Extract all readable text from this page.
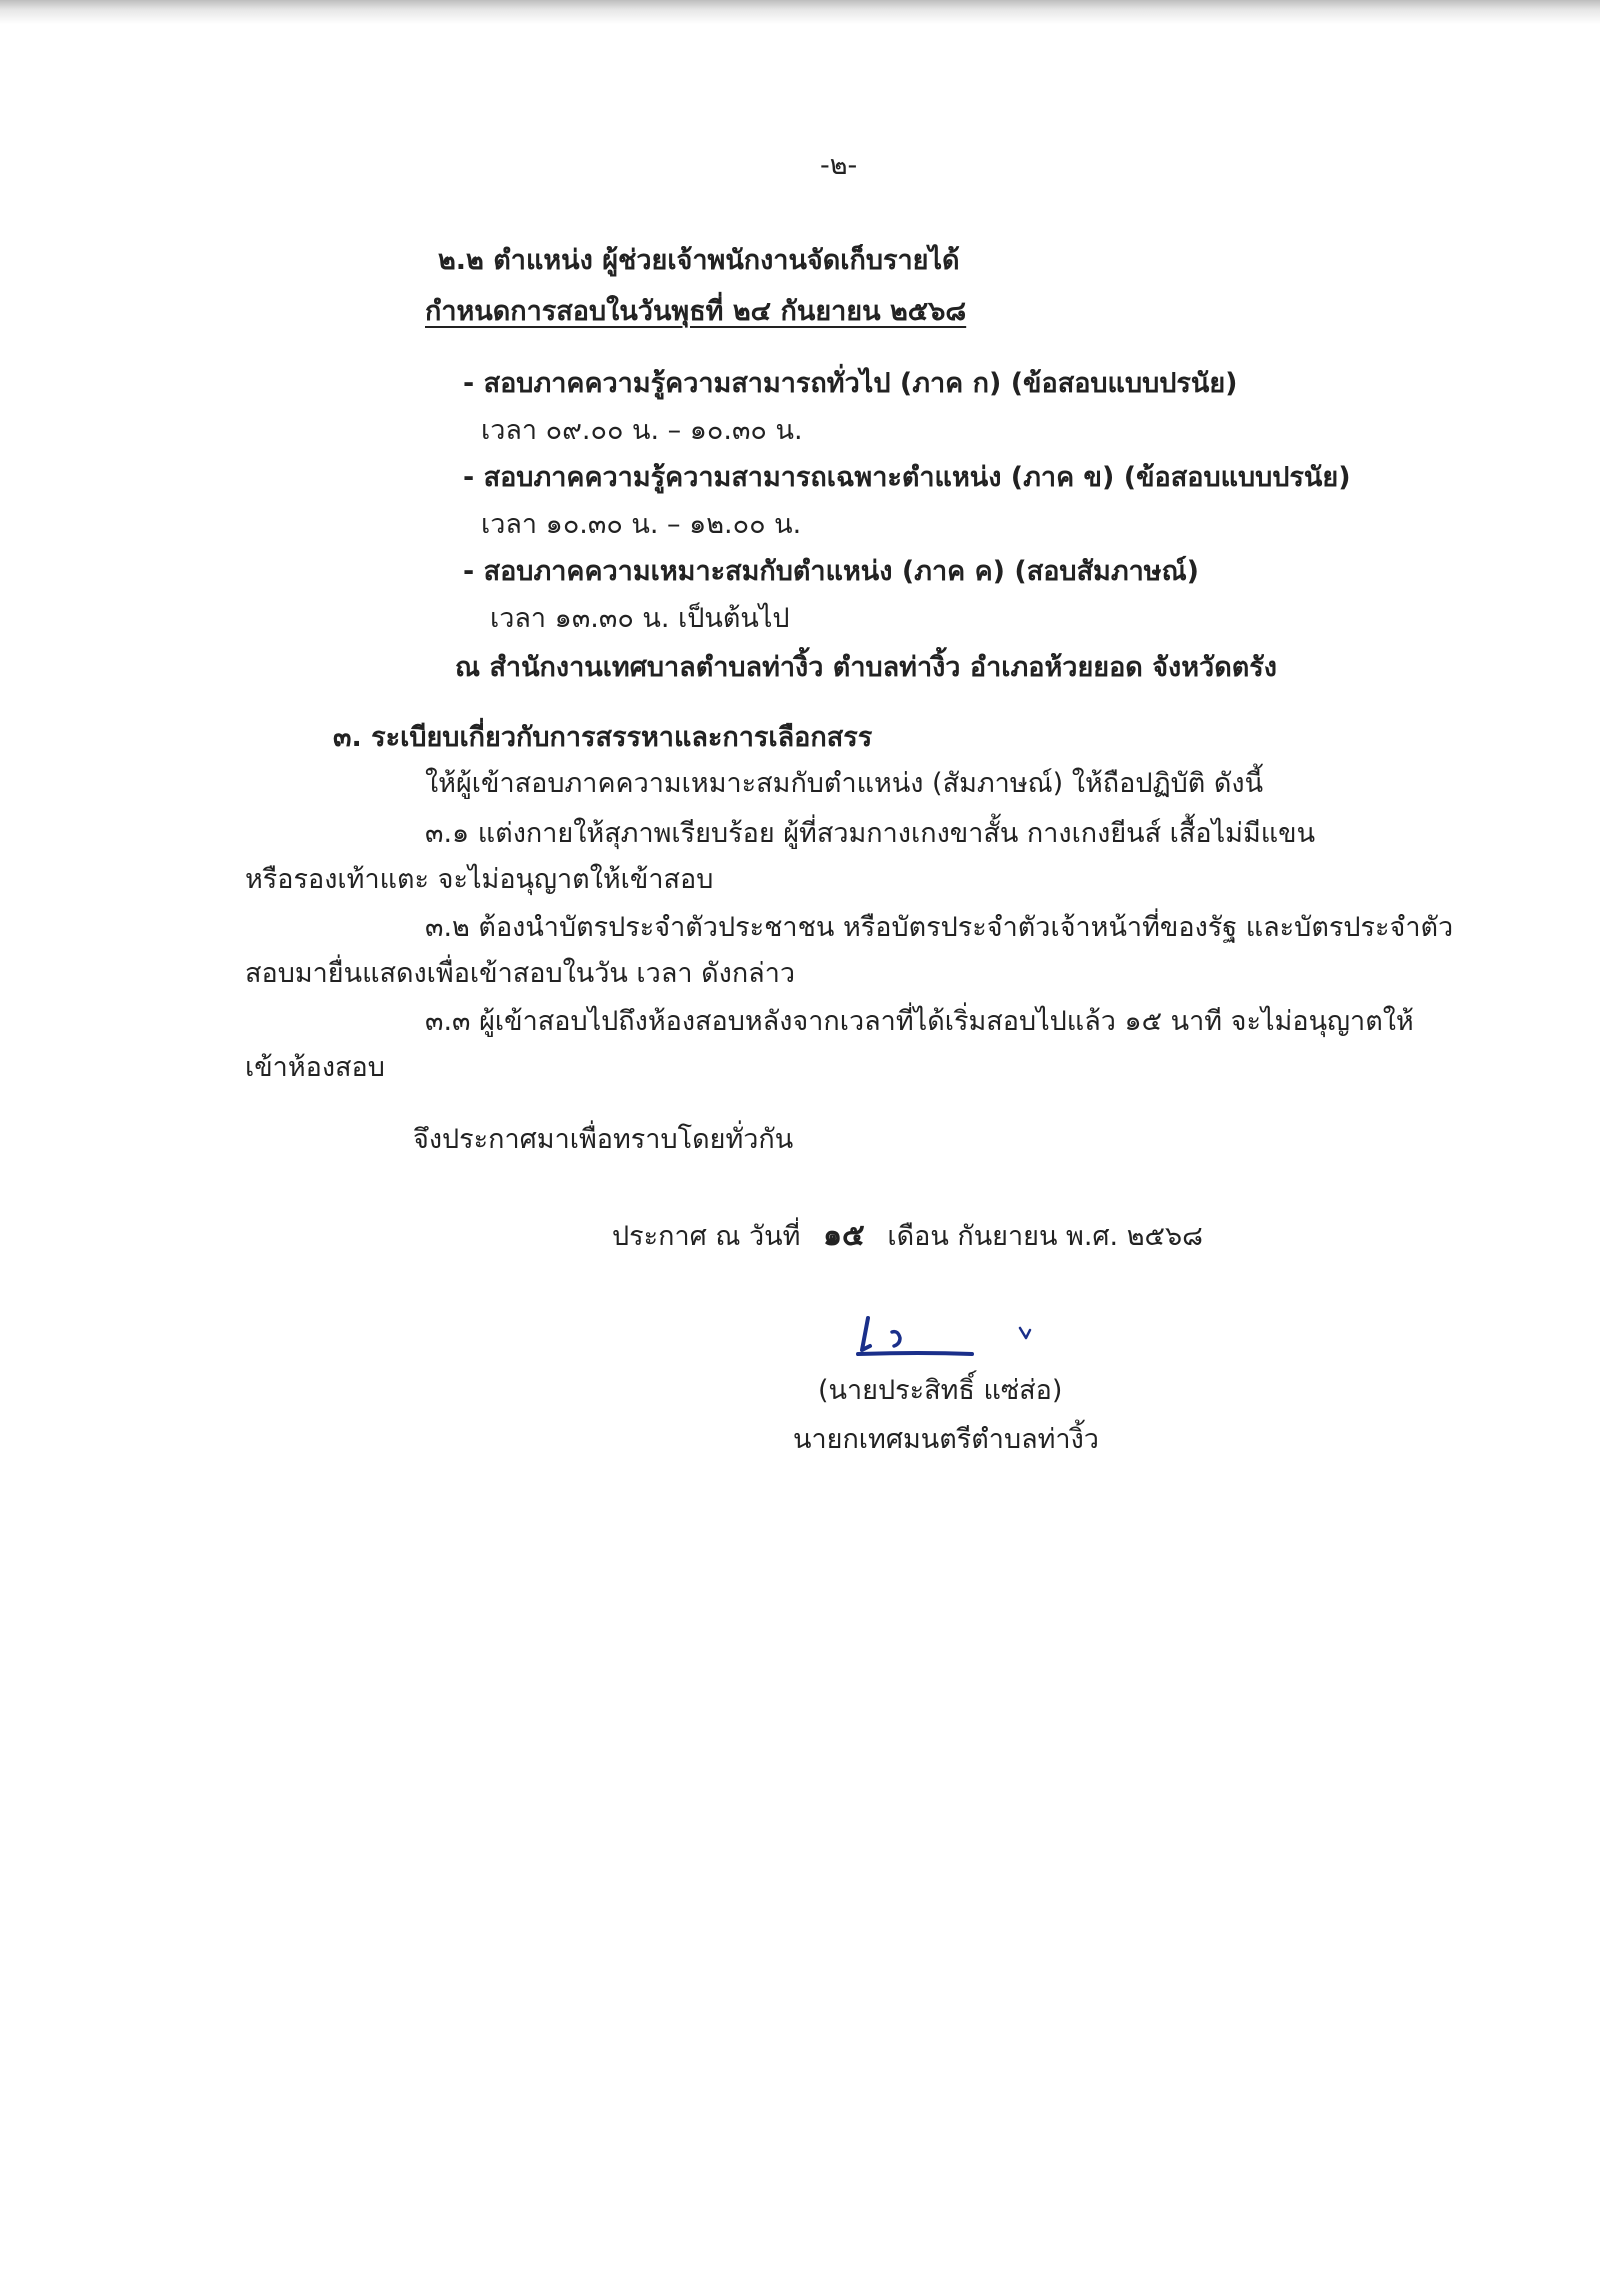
-๒-
๒.๒ ตำแหน่ง ผู้ช่วยเจ้าพนักงานจัดเก็บรายได้
กำหนดการสอบในวันพุธที่ ๒๔ กันยายน ๒๕๖๘
- สอบภาคความรู้ความสามารถทั่วไป (ภาค ก) (ข้อสอบแบบปรนัย)
เวลา ๐๙.๐๐ น. – ๑๐.๓๐ น.
- สอบภาคความรู้ความสามารถเฉพาะตำแหน่ง (ภาค ข) (ข้อสอบแบบปรนัย)
เวลา ๑๐.๓๐ น. – ๑๒.๐๐ น.
- สอบภาคความเหมาะสมกับตำแหน่ง (ภาค ค) (สอบสัมภาษณ์)
เวลา ๑๓.๓๐ น. เป็นต้นไป
ณ สำนักงานเทศบาลตำบลท่างิ้ว ตำบลท่างิ้ว อำเภอห้วยยอด จังหวัดตรัง
๓. ระเบียบเกี่ยวกับการสรรหาและการเลือกสรร
ให้ผู้เข้าสอบภาคความเหมาะสมกับตำแหน่ง (สัมภาษณ์) ให้ถือปฏิบัติ ดังนี้
๓.๑ แต่งกายให้สุภาพเรียบร้อย ผู้ที่สวมกางเกงขาสั้น กางเกงยีนส์ เสื้อไม่มีแขน
หรือรองเท้าแตะ จะไม่อนุญาตให้เข้าสอบ
๓.๒ ต้องนำบัตรประจำตัวประชาชน หรือบัตรประจำตัวเจ้าหน้าที่ของรัฐ และบัตรประจำตัว
สอบมายื่นแสดงเพื่อเข้าสอบในวัน เวลา ดังกล่าว
๓.๓ ผู้เข้าสอบไปถึงห้องสอบหลังจากเวลาที่ได้เริ่มสอบไปแล้ว ๑๕ นาที จะไม่อนุญาตให้
เข้าห้องสอบ
จึงประกาศมาเพื่อทราบโดยทั่วกัน
ประกาศ ณ วันที่ ๑๕ เดือน กันยายน พ.ศ. ๒๕๖๘
(นายประสิทธิ์ แซ่ส่อ)
นายกเทศมนตรีตำบลท่างิ้ว
